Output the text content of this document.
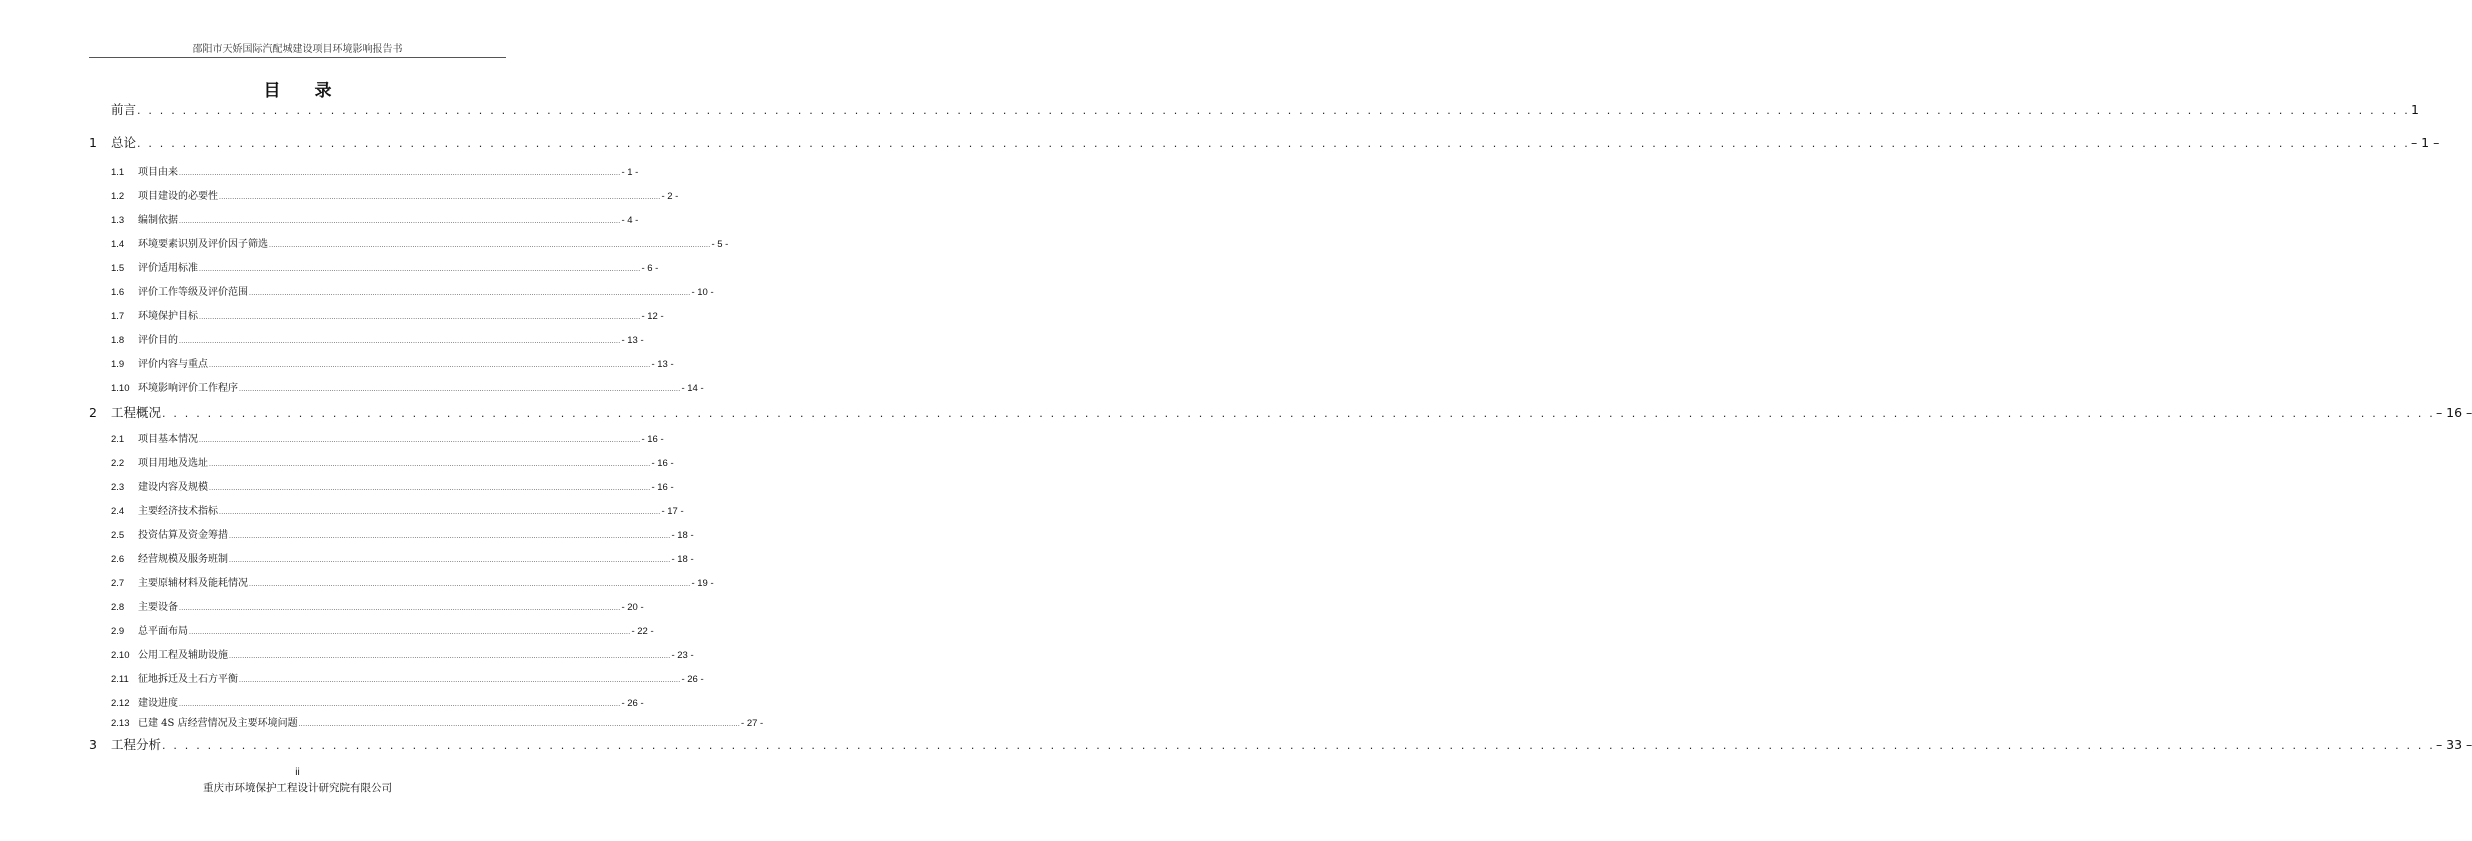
邵阳市天娇国际汽配城建设项目环境影响报告书
目 录
前言 . . . . . . . . . . . . . . . . . . . . . . . . . . . . . . . . . . . . . . . . . . . . . . . . . . . . . . . . . . . . . . . . . . . . . . . . . . . . . . . . . . . . . . . . . . . . . . . . . . . . . . . . . . . . . . . . . . . . . . . . . . . . . . . . . . . . . . . . . . . . . . . . . . . . . . . . . . . . . . . . . . . . . . . . . . . . . . . . . . . . . . . . . . . . . . . . . . . . . . . . 1
1	总论 . . . . . . . . . . . . . . . . . . . . . . . . . . . . . . . . . . . . . . . . . . . . . . . . . . . . . . . . . . . . . . . . . . . . . . . . . . . . . . . . . . . . . . . . . . . . . . . . . . . . . . . . . . . . . . . . . . . . . . . . . . . . . . . . . . . . . . . . . . . . . . . . . . . . . . . . . . . . . . . . . . . . . . . . . . . . . . . . . . . . . . . . . . . . . . . . . . . . . . . . – 1 –
1.1	项目由来 ........................................................................................................................................................................................................ - 1 -
1.2	项目建设的必要性 ........................................................................................................................................................................................................ - 2 -
1.3	编制依据 ........................................................................................................................................................................................................ - 4 -
1.4	环境要素识别及评价因子筛选 ........................................................................................................................................................................................................ - 5 -
1.5	评价适用标准 ........................................................................................................................................................................................................ - 6 -
1.6	评价工作等级及评价范围 ........................................................................................................................................................................................................ - 10 -
1.7	环境保护目标 ........................................................................................................................................................................................................ - 12 -
1.8	评价目的 ........................................................................................................................................................................................................ - 13 -
1.9	评价内容与重点 ........................................................................................................................................................................................................ - 13 -
1.10 环境影响评价工作程序 ........................................................................................................................................................................................................ - 14 -
2	工程概况 . . . . . . . . . . . . . . . . . . . . . . . . . . . . . . . . . . . . . . . . . . . . . . . . . . . . . . . . . . . . . . . . . . . . . . . . . . . . . . . . . . . . . . . . . . . . . . . . . . . . . . . . . . . . . . . . . . . . . . . . . . . . . . . . . . . . . . . . . . . . . . . . . . . . . . . . . . . . . . . . . . . . . . . . . . . . . . . . . . . . . . . . . . . . . . . . . . . . . . . . – 16 –
2.1	项目基本情况 ........................................................................................................................................................................................................ - 16 -
2.2	项目用地及选址 ........................................................................................................................................................................................................ - 16 -
2.3	建设内容及规模 ........................................................................................................................................................................................................ - 16 -
2.4	主要经济技术指标 ........................................................................................................................................................................................................ - 17 -
2.5	投资估算及资金筹措 ........................................................................................................................................................................................................ - 18 -
2.6	经营规模及服务班制 ........................................................................................................................................................................................................ - 18 -
2.7	主要原辅材料及能耗情况 ........................................................................................................................................................................................................ - 19 -
2.8	主要设备 ........................................................................................................................................................................................................ - 20 -
2.9	总平面布局 ........................................................................................................................................................................................................ - 22 -
2.10 公用工程及辅助设施 ........................................................................................................................................................................................................ - 23 -
2.11 征地拆迁及土石方平衡 ........................................................................................................................................................................................................ - 26 -
2.12 建设进度 ........................................................................................................................................................................................................ - 26 -
2.13 已建 4S 店经营情况及主要环境问题 ........................................................................................................................................................................................................ - 27 -
3	工程分析 . . . . . . . . . . . . . . . . . . . . . . . . . . . . . . . . . . . . . . . . . . . . . . . . . . . . . . . . . . . . . . . . . . . . . . . . . . . . . . . . . . . . . . . . . . . . . . . . . . . . . . . . . . . . . . . . . . . . . . . . . . . . . . . . . . . . . . . . . . . . . . . . . . . . . . . . . . . . . . . . . . . . . . . . . . . . . . . . . . . . . . . . . . . . . . . . . . . . . . . . – 33 –
ii
重庆市环境保护工程设计研究院有限公司
